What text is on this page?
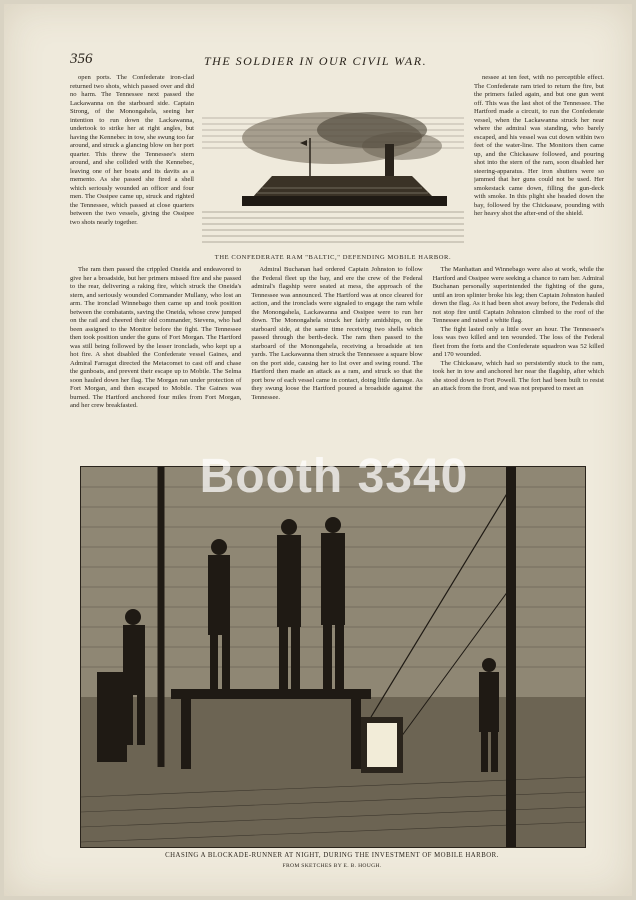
356	THE SOLDIER IN OUR CIVIL WAR.

open ports. The Confederate iron-clad returned two shots, which passed over and did no harm. The Tennessee next passed the Lackawanna on the starboard side. Captain Strong, of the Monongahela, seeing her intention to run down the Lackawanna, undertook to strike her at right angles, but having the Kennebec in tow, she swung too far around, and struck a glancing blow on her port quarter. This threw the Tennessee's stern around, and she collided with the Kennebec, leaving one of her boats and its davits as a memento. As she passed she fired a shell which seriously wounded an officer and four men. The Ossipee came up, struck and righted the Tennessee, which passed at close quarters between the two vessels, giving the Ossipee two shots nearly together.

THE CONFEDERATE RAM "BALTIC," DEFENDING MOBILE HARBOR.

nessee at ten feet, with no perceptible effect. The Confederate ram tried to return the fire, but the primers failed again, and but one gun went off. This was the last shot of the Tennessee. The Hartford made a circuit, to run the Confederate vessel, when the Lackawanna struck her near where the admiral was standing, who barely escaped, and his vessel was cut down within two feet of the water-line. The Monitors then came up, and the Chickasaw followed, and pouring shot into the stern of the ram, soon disabled her steering-apparatus. Her iron shutters were so jammed that her guns could not be used. Her smokestack came down, filling the gun-deck with smoke. In this plight she headed down the bay, followed by the Chickasaw, pounding with her heavy shot the after-end of the shield.

The ram then passed the crippled Oneida and endeavored to give her a broadside, but her primers missed fire and she passed to the rear, delivering a raking fire, which struck the Oneida's stern, and seriously wounded Commander Mullany, who lost an arm. The ironclad Winnebago then came up and took position between the combatants, saving the Oneida, whose crew jumped on the rail and cheered their old commander, Stevens, who had been assigned to the Monitor before the fight. The Tennessee then took position under the guns of Fort Morgan. The Hartford was still being followed by the lesser ironclads, who kept up a hot fire. A shot disabled the Confederate vessel Gaines, and Admiral Farragut directed the Metacomet to cast off and chase the gunboats, and prevent their escape up to Mobile. The Selma soon hauled down her flag. The Morgan ran under protection of Fort Morgan, and then escaped to Mobile. The Gaines was burned. The Hartford anchored four miles from Fort Morgan, and her crew breakfasted.

Admiral Buchanan had ordered Captain Johnston to follow the Federal fleet up the bay, and ere the crew of the Federal admiral's flagship were seated at mess, the approach of the Tennessee was announced. The Hartford was at once cleared for action, and the ironclads were signaled to engage the ram while the Monongahela, Lackawanna and Ossipee were to run her down. The Monongahela struck her fairly amidships, on the starboard side, at the same time receiving two shells which passed through the berth-deck. The ram then passed to the starboard of the Monongahela, receiving a broadside at ten yards. The Lackawanna then struck the Tennessee a square blow on the port side, causing her to list over and swing round. The Hartford then made an attack as a ram, and struck so that the port bow of each vessel came in contact, doing little damage. As they swung loose the Hartford poured a broadside against the Tennessee.

The Manhattan and Winnebago were also at work, while the Hartford and Ossipee were seeking a chance to ram her. Admiral Buchanan personally superintended the fighting of the guns, until an iron splinter broke his leg; then Captain Johnston hauled down the flag. As it had been shot away before, the Federals did not stop fire until Captain Johnston climbed to the roof of the Tennessee and raised a white flag.

The fight lasted only a little over an hour. The Tennessee's loss was two killed and ten wounded. The loss of the Federal fleet from the forts and the Confederate squadron was 52 killed and 170 wounded.

The Chickasaw, which had so persistently stuck to the ram, took her in tow and anchored her near the flagship, after which she stood down to Fort Powell. The fort had been built to resist an attack from the front, and was not prepared to meet an

Booth 3340
CHASING A BLOCKADE-RUNNER AT NIGHT, DURING THE INVESTMENT OF MOBILE HARBOR.
FROM SKETCHES BY E. B. HOUGH.
